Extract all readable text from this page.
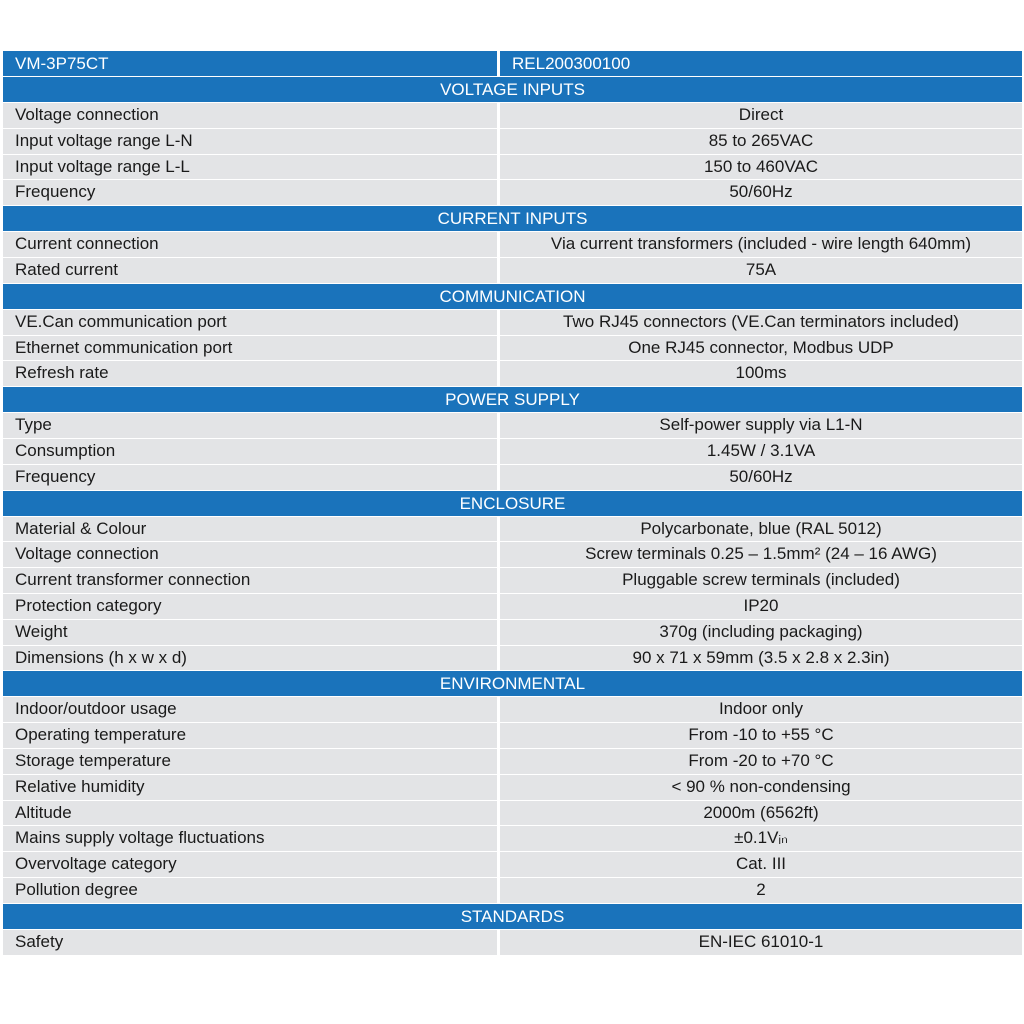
VM-3P75CT	REL200300100
VOLTAGE INPUTS
Voltage connection	Direct
Input voltage range L-N	85 to 265VAC
Input voltage range L-L	150 to 460VAC
Frequency	50/60Hz
CURRENT INPUTS
Current connection	Via current transformers (included - wire length 640mm)
Rated current	75A
COMMUNICATION
VE.Can communication port	Two RJ45 connectors (VE.Can terminators included)
Ethernet communication port	One RJ45 connector, Modbus UDP
Refresh rate	100ms
POWER SUPPLY
Type	Self-power supply via L1-N
Consumption	1.45W / 3.1VA
Frequency	50/60Hz
ENCLOSURE
Material & Colour	Polycarbonate, blue (RAL 5012)
Voltage connection	Screw terminals 0.25 – 1.5mm² (24 – 16 AWG)
Current transformer connection	Pluggable screw terminals (included)
Protection category	IP20
Weight	370g (including packaging)
Dimensions (h x w x d)	90 x 71 x 59mm (3.5 x 2.8 x 2.3in)
ENVIRONMENTAL
Indoor/outdoor usage	Indoor only
Operating temperature	From -10 to +55 °C
Storage temperature	From -20 to +70 °C
Relative humidity	< 90 % non-condensing
Altitude	2000m (6562ft)
Mains supply voltage fluctuations	±0.1Vᵢₙ
Overvoltage category	Cat. III
Pollution degree	2
STANDARDS
Safety	EN-IEC 61010-1
